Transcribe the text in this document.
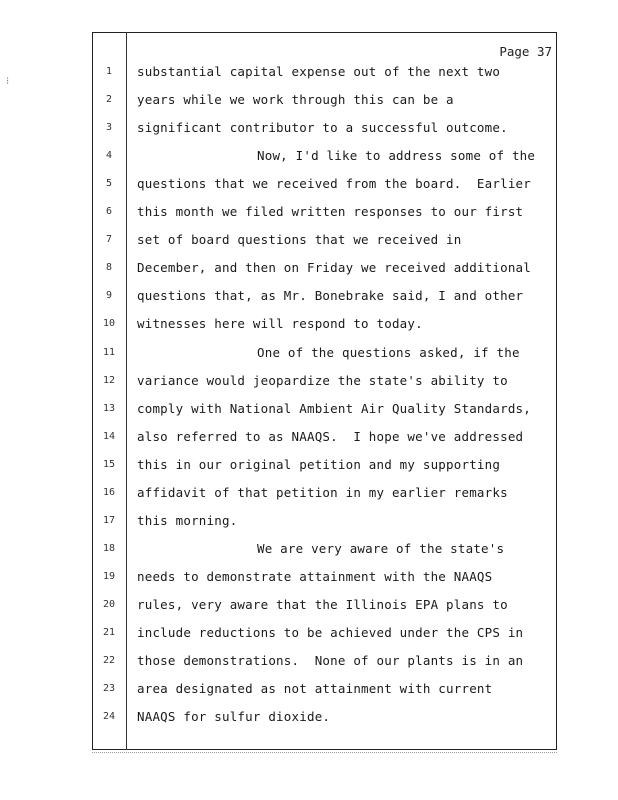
⁝
Page 37
1	substantial capital expense out of the next two
2	years while we work through this can be a
3	significant contributor to a successful outcome.
4	Now, I'd like to address some of the
5	questions that we received from the board.  Earlier
6	this month we filed written responses to our first
7	set of board questions that we received in
8	December, and then on Friday we received additional
9	questions that, as Mr. Bonebrake said, I and other
10	witnesses here will respond to today.
11	One of the questions asked, if the
12	variance would jeopardize the state's ability to
13	comply with National Ambient Air Quality Standards,
14	also referred to as NAAQS.  I hope we've addressed
15	this in our original petition and my supporting
16	affidavit of that petition in my earlier remarks
17	this morning.
18	We are very aware of the state's
19	needs to demonstrate attainment with the NAAQS
20	rules, very aware that the Illinois EPA plans to
21	include reductions to be achieved under the CPS in
22	those demonstrations.  None of our plants is in an
23	area designated as not attainment with current
24	NAAQS for sulfur dioxide.
